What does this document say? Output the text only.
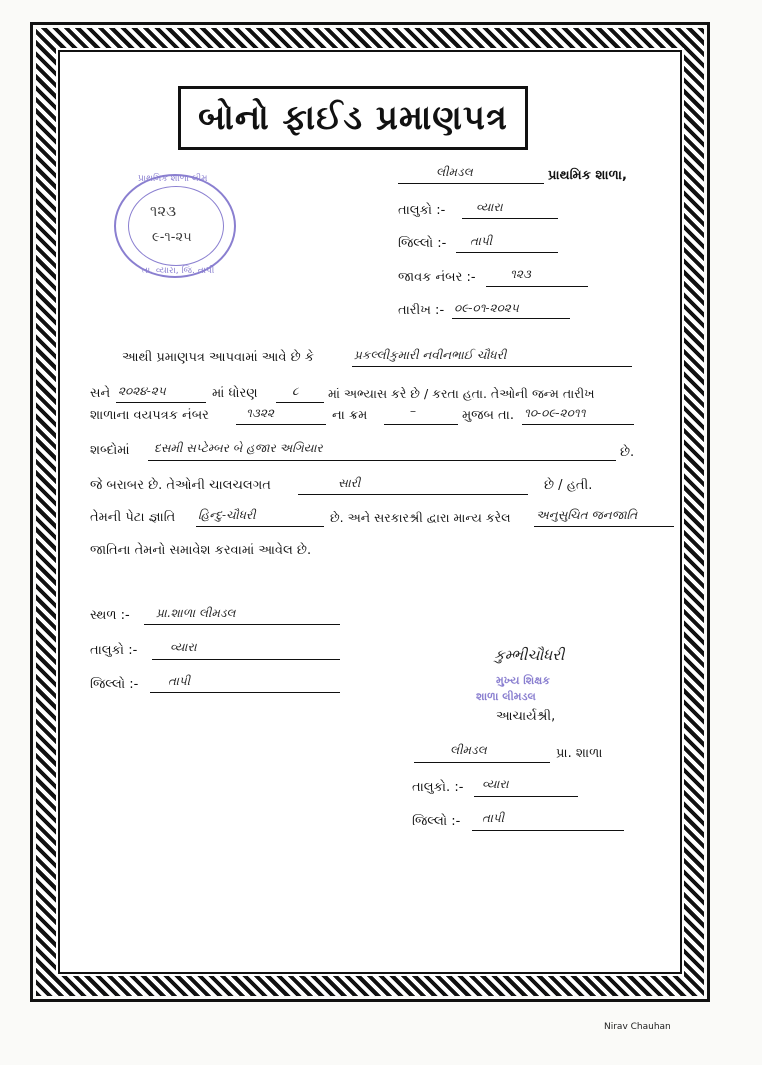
બોનો ફાઈડ પ્રમાણપત્ર
પ્રાથમિક શાળા લીમ
૧૨૩
૯-૧-૨૫
તા. વ્યારા, જિ. તાપી
લીમડલ	પ્રાથમિક શાળા,
તાલુકો :-	વ્યારા
જિલ્લો :- તાપી
જાવક નંબર :-	૧૨૩
તારીખ :- ૦૯-૦૧-૨૦૨૫
આથી પ્રમાણપત્ર આપવામાં આવે છે કે	પ્રકલ્લીકુમારી નવીનભાઈ ચૌધરી
સને ૨૦૨૪-૨૫	માં ધોરણ	૮ માં અભ્યાસ કરે છે / કરતા હતા. તેઓની જન્મ તારીખ
શાળાના વયપત્રક નંબર	૧૩૨૨	ના ક્રમ	–	મુજબ તા. ૧૦-૦૯-૨૦૧૧
શબ્દોમાં દસમી સપ્ટેમ્બર બે હજાર અગિયાર	છે.
જે બરાબર છે. તેઓની ચાલચલગત	સારી	છે / હતી.
તેમની પેટા જ્ઞાતિ હિન્દુ-ચૌધરી	છે. અને સરકારશ્રી દ્વારા માન્ય કરેલ અનુસુચિત જનજાતિ
જાતિના તેમનો સમાવેશ કરવામાં આવેલ છે.
સ્થળ :- પ્રા.શાળા લીમડલ
તાલુકો :-	વ્યારા
જિલ્લો :- તાપી
કુમ્ભીચૌધરી
મુખ્ય શિક્ષક
શાળા લીમડલ
આચાર્યશ્રી,
લીમડલ	પ્રા. શાળા
તાલુકો. :- વ્યારા
જિલ્લો :- તાપી
Nirav Chauhan
